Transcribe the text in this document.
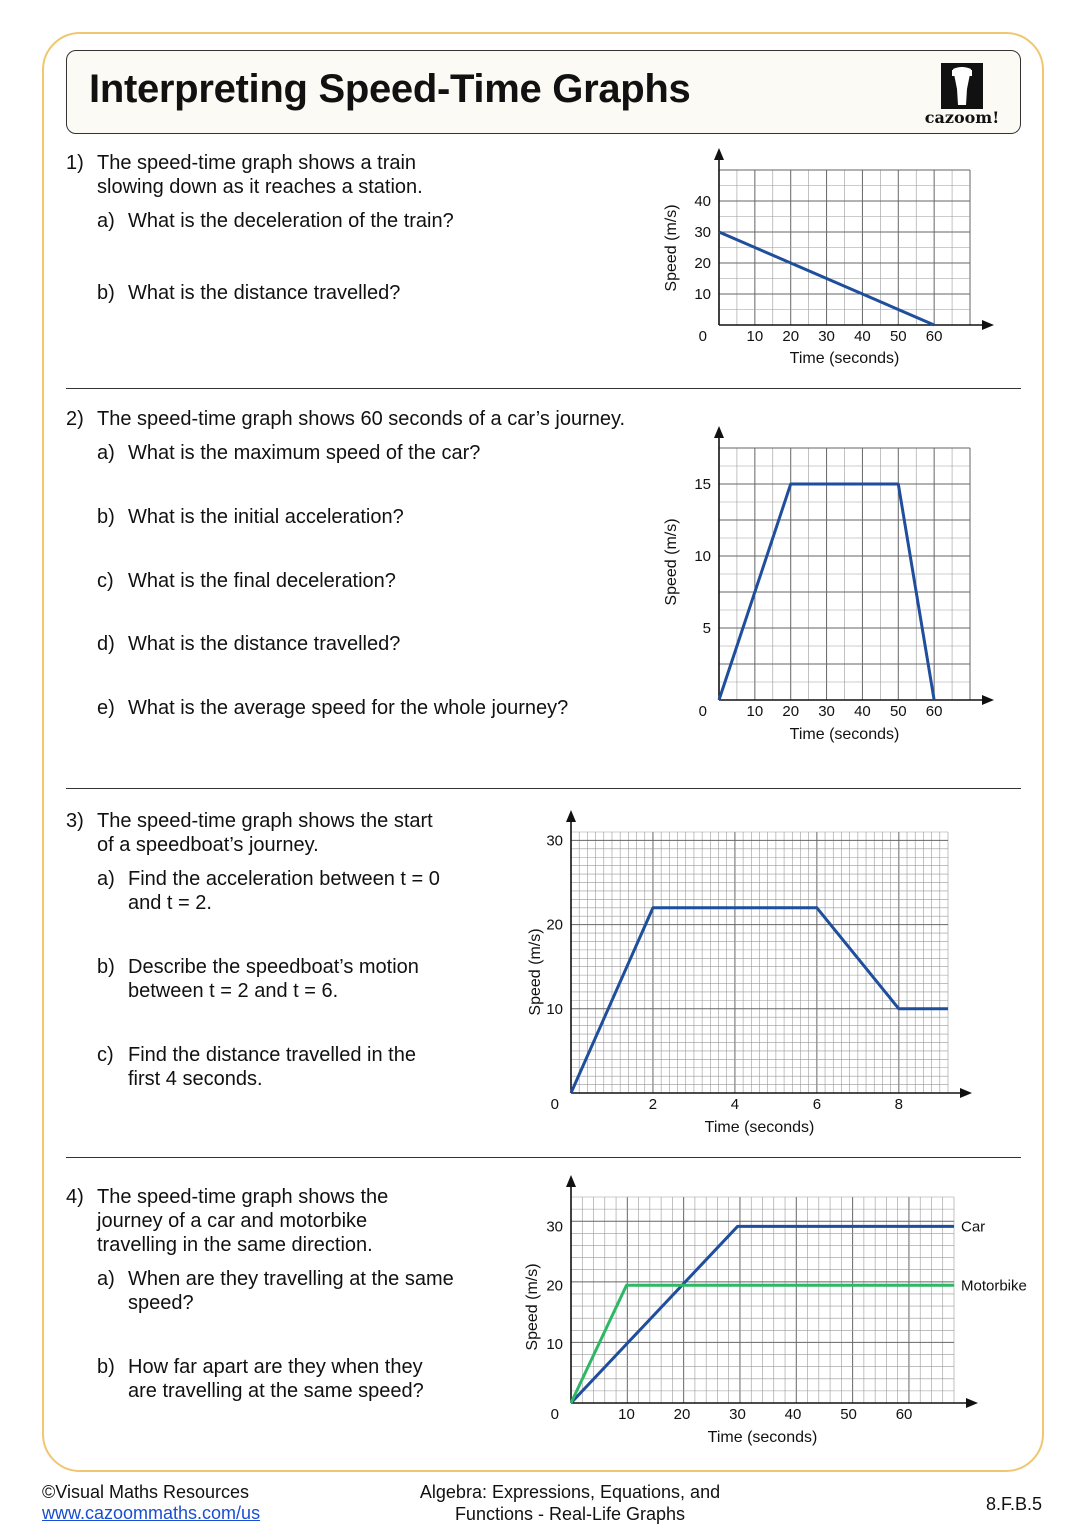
Interpreting Speed-Time Graphs
cazoom!
1) The speed-time graph shows a train
slowing down as it reaches a station.
a) What is the deceleration of the train?
b) What is the distance travelled?
2) The speed-time graph shows 60 seconds of a car’s journey.
a) What is the maximum speed of the car?
b) What is the initial acceleration?
c) What is the final deceleration?
d) What is the distance travelled?
e) What is the average speed for the whole journey?
3) The speed-time graph shows the start
of a speedboat’s journey.
a) Find the acceleration between t = 0
and t = 2.
b) Describe the speedboat’s motion
between t = 2 and t = 6.
c) Find the distance travelled in the
first 4 seconds.
4) The speed-time graph shows the
journey of a car and motorbike
travelling in the same direction.
a) When are they travelling at the same
speed?
b) How far apart are they when they
are travelling at the same speed?
10 20 30 40 50 60
10
20
30
40
0
Time (seconds)
Speed (m/s)
10 20 30 40 50 60
5
10
15
0
Time (seconds)
Speed (m/s)
2	4	6	8
10
20
30
0
Time (seconds)
Speed (m/s)
10	20	30	40	50	60
10
20
30
0
Time (seconds)
Speed (m/s)
Car
Motorbike
©Visual Maths Resources
www.cazoommaths.com/us
Algebra: Expressions, Equations, and
Functions - Real-Life Graphs	8.F.B.5
